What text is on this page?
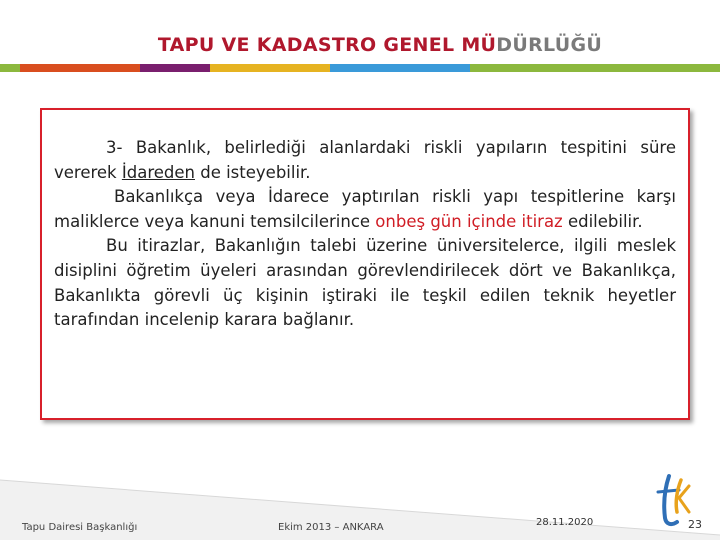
TAPU VE KADASTRO GENEL MÜDÜRLÜĞÜ

3- Bakanlık, belirlediği alanlardaki riskli yapıların tespitini süre vererek İdareden de isteyebilir.

Bakanlıkça veya İdarece yaptırılan riskli yapı tespitlerine karşı maliklerce veya kanuni temsilcilerince onbeş gün içinde itiraz edilebilir.

Bu itirazlar, Bakanlığın talebi üzerine üniversitelerce, ilgili meslek disiplini öğretim üyeleri arasından görevlendirilecek dört ve Bakanlıkça, Bakanlıkta görevli üç kişinin iştiraki ile teşkil edilen teknik heyetler tarafından incelenip karara bağlanır.

Tapu Dairesi Başkanlığı	Ekim 2013 – ANKARA	28.11.2020	23
